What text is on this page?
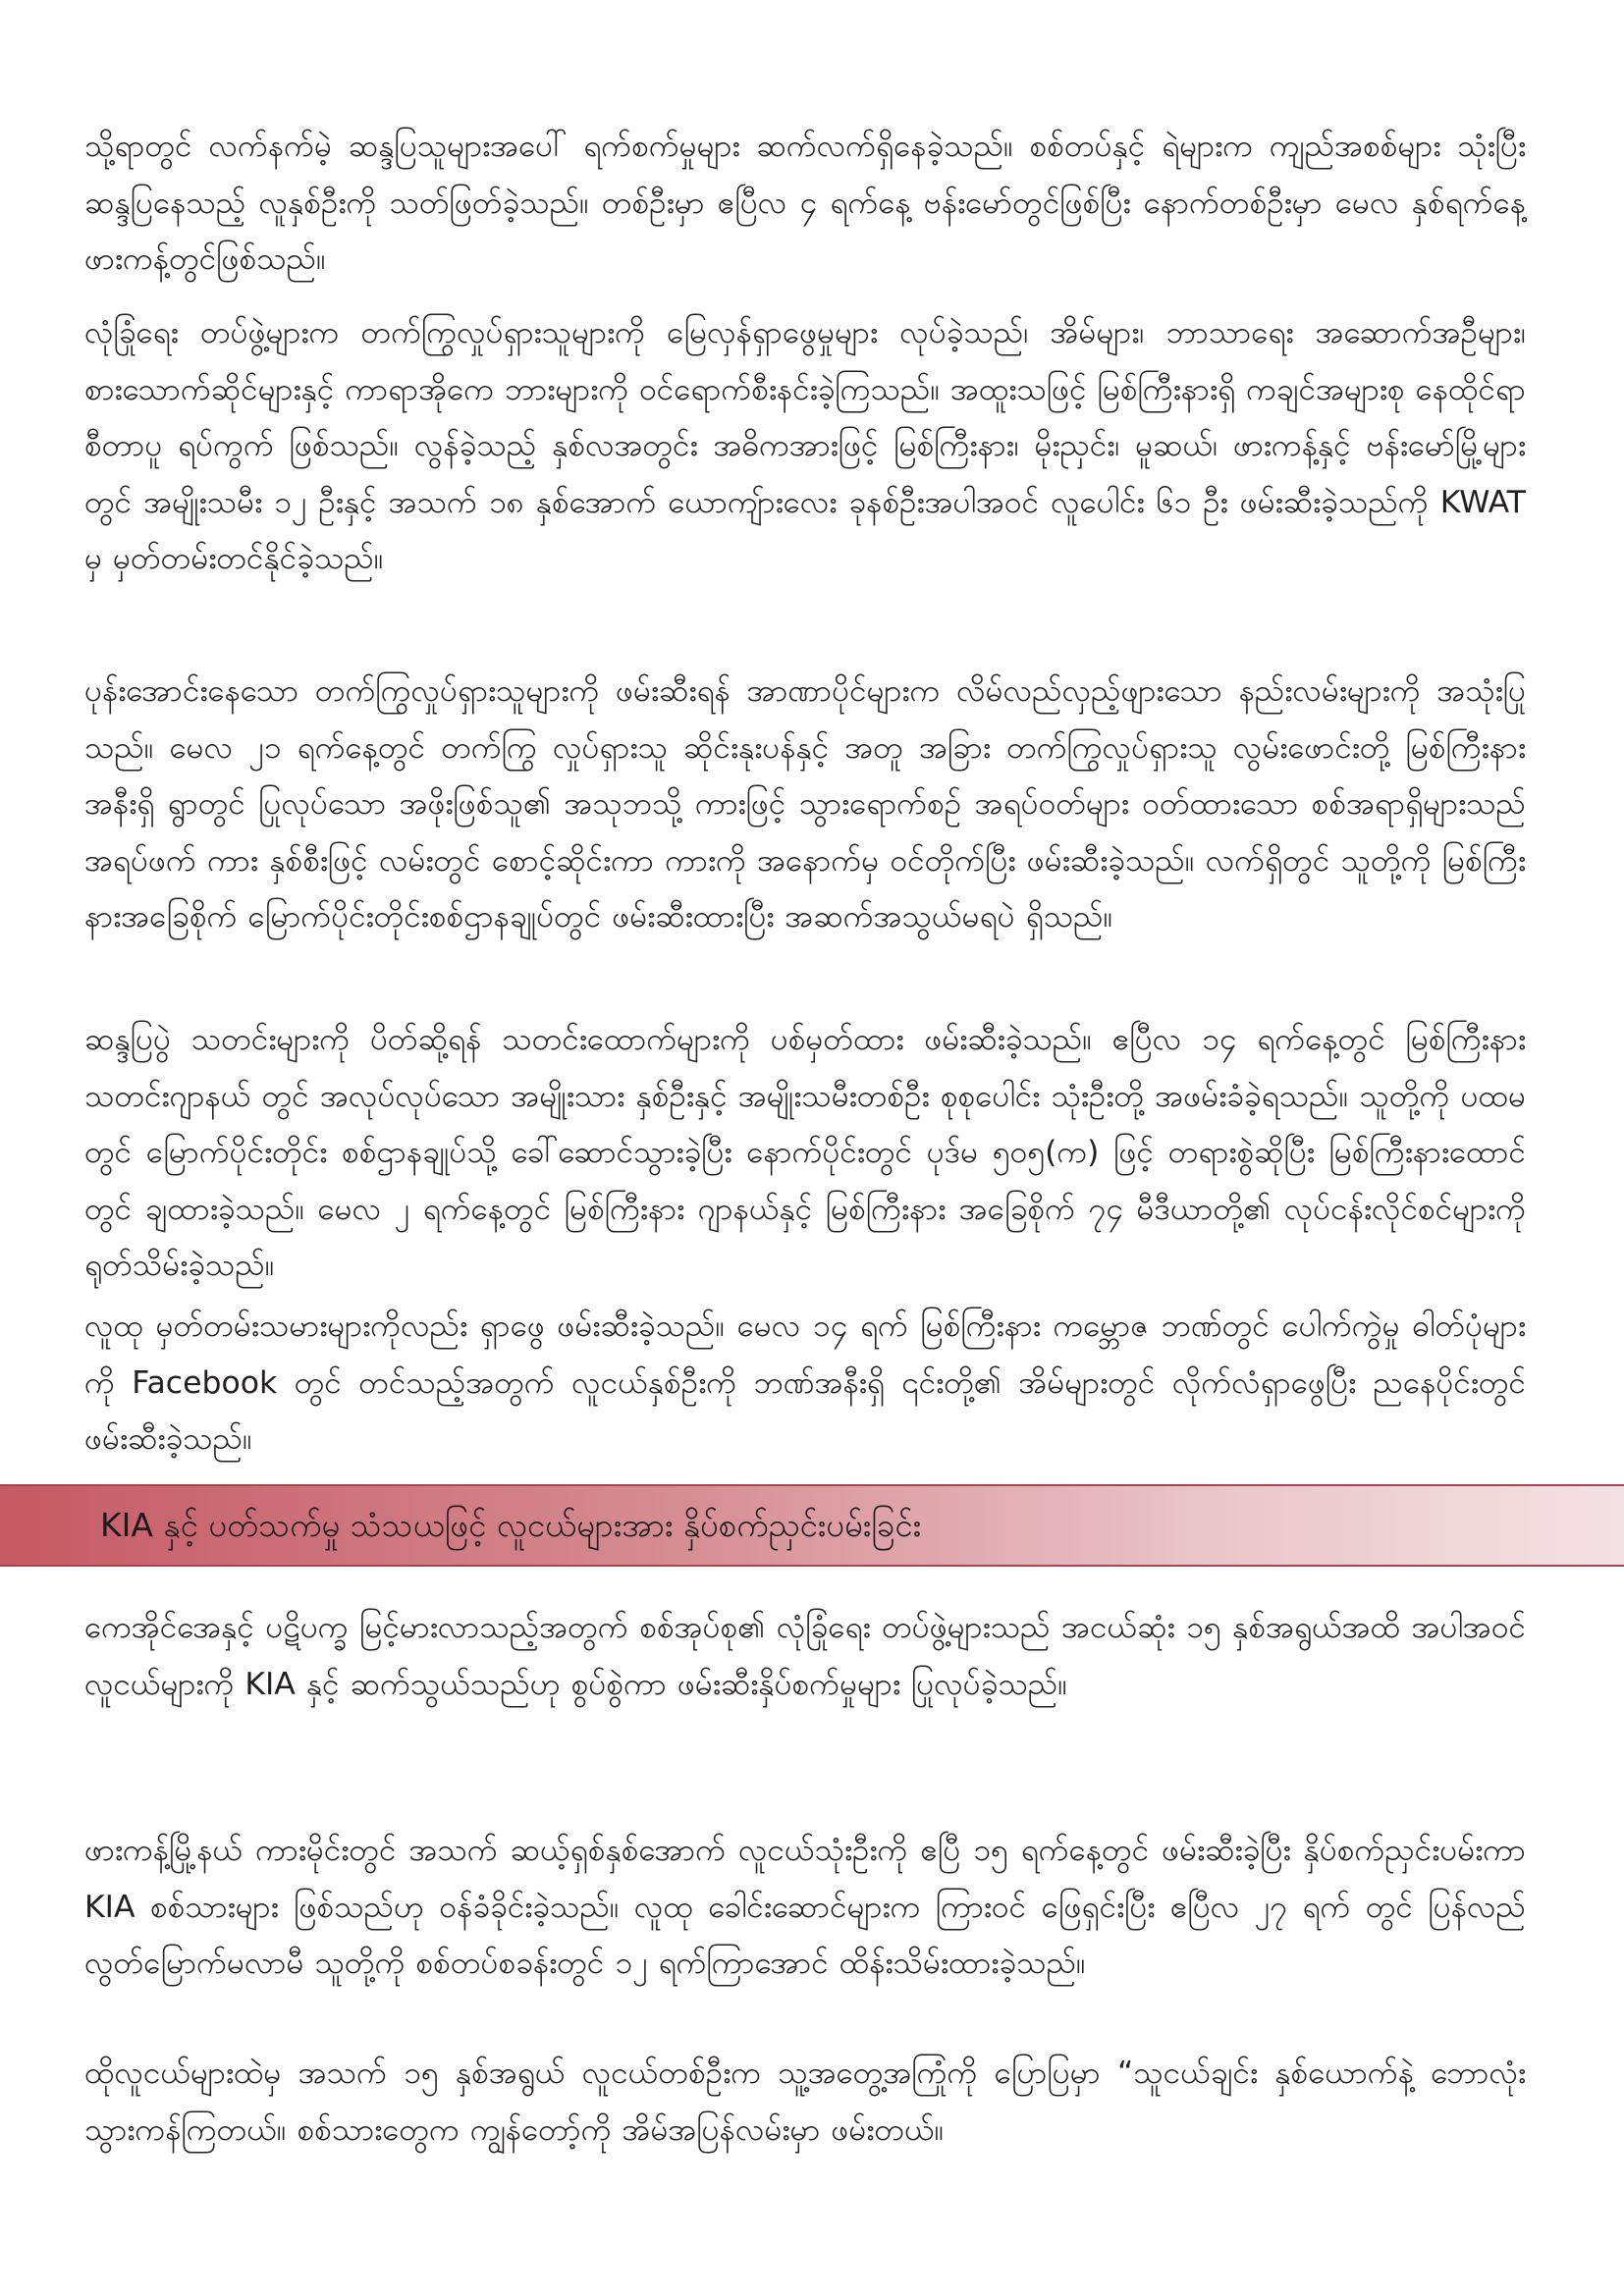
သို့ရာတွင် လက်နက်မဲ့ ဆန္ဒပြသူများအပေါ် ရက်စက်မှုများ ဆက်လက်ရှိနေခဲ့သည်။ စစ်တပ်နှင့် ရဲများက ကျည်အစစ်များ သုံးပြီး ဆန္ဒပြနေသည့် လူနှစ်ဦးကို သတ်ဖြတ်ခဲ့သည်။ တစ်ဦးမှာ ဧပြီလ ၄ ရက်နေ့ ဗန်းမော်တွင်ဖြစ်ပြီး နောက်တစ်ဦးမှာ မေလ နှစ်ရက်နေ့ ဖားကန့်တွင်ဖြစ်သည်။

လုံခြုံရေး တပ်ဖွဲ့များက တက်ကြွလှုပ်ရှားသူများကို မြေလှန်ရှာဖွေမှုများ လုပ်ခဲ့သည်၊ အိမ်များ၊ ဘာသာရေး အဆောက်အဦများ၊ စားသောက်ဆိုင်များနှင့် ကာရာအိုကေ ဘားများကို ဝင်ရောက်စီးနင်းခဲ့ကြသည်။ အထူးသဖြင့် မြစ်ကြီးနားရှိ ကချင်အများစု နေထိုင်ရာ စီတာပူ ရပ်ကွက် ဖြစ်သည်။ လွန်ခဲ့သည့် နှစ်လအတွင်း အဓိကအားဖြင့် မြစ်ကြီးနား၊ မိုးညှင်း၊ မူဆယ်၊ ဖားကန့်နှင့် ဗန်းမော်မြို့များတွင် အမျိုးသမီး ၁၂ ဦးနှင့် အသက် ၁၈ နှစ်အောက် ယောကျ်ားလေး ခုနစ်ဦးအပါအဝင် လူပေါင်း ၆၁ ဦး ဖမ်းဆီးခဲ့သည်ကို KWAT မှ မှတ်တမ်းတင်နိုင်ခဲ့သည်။

ပုန်းအောင်းနေသော တက်ကြွလှုပ်ရှားသူများကို ဖမ်းဆီးရန် အာဏာပိုင်များက လိမ်လည်လှည့်ဖျားသော နည်းလမ်းများကို အသုံးပြုသည်။ မေလ ၂၁ ရက်နေ့တွင် တက်ကြွ လှုပ်ရှားသူ ဆိုင်းနုးပန်နှင့် အတူ အခြား တက်ကြွလှုပ်ရှားသူ လွမ်းဖောင်းတို့ မြစ်ကြီးနား အနီးရှိ ရွာတွင် ပြုလုပ်သော အဖိုးဖြစ်သူ၏ အသုဘသို့ ကားဖြင့် သွားရောက်စဉ် အရပ်ဝတ်များ ဝတ်ထားသော စစ်အရာရှိများသည် အရပ်ဖက် ကား နှစ်စီးဖြင့် လမ်းတွင် စောင့်ဆိုင်းကာ ကားကို အနောက်မှ ဝင်တိုက်ပြီး ဖမ်းဆီးခဲ့သည်။ လက်ရှိတွင် သူတို့ကို မြစ်ကြီးနားအခြေစိုက် မြောက်ပိုင်းတိုင်းစစ်ဌာနချုပ်တွင် ဖမ်းဆီးထားပြီး အဆက်အသွယ်မရပဲ ရှိသည်။

ဆန္ဒပြပွဲ သတင်းများကို ပိတ်ဆို့ရန် သတင်းထောက်များကို ပစ်မှတ်ထား ဖမ်းဆီးခဲ့သည်။ ဧပြီလ ၁၄ ရက်နေ့တွင် မြစ်ကြီးနား သတင်းဂျာနယ် တွင် အလုပ်လုပ်သော အမျိုးသား နှစ်ဦးနှင့် အမျိုးသမီးတစ်ဦး စုစုပေါင်း သုံးဦးတို့ အဖမ်းခံခဲ့ရသည်။ သူတို့ကို ပထမတွင် မြောက်ပိုင်းတိုင်း စစ်ဌာနချုပ်သို့ ခေါ်ဆောင်သွားခဲ့ပြီး နောက်ပိုင်းတွင် ပုဒ်မ ၅၀၅(က) ဖြင့် တရားစွဲဆိုပြီး မြစ်ကြီးနားထောင်တွင် ချထားခဲ့သည်။ မေလ ၂ ရက်နေ့တွင် မြစ်ကြီးနား ဂျာနယ်နှင့် မြစ်ကြီးနား အခြေစိုက် ၇၄ မီဒီယာတို့၏ လုပ်ငန်းလိုင်စင်များကို ရုတ်သိမ်းခဲ့သည်။

လူထု မှတ်တမ်းသမားများကိုလည်း ရှာဖွေ ဖမ်းဆီးခဲ့သည်။ မေလ ၁၄ ရက် မြစ်ကြီးနား ကမ္ဘောဇ ဘဏ်တွင် ပေါက်ကွဲမှု ဓါတ်ပုံများကို Facebook တွင် တင်သည့်အတွက် လူငယ်နှစ်ဦးကို ဘဏ်အနီးရှိ ၎င်းတို့၏ အိမ်များတွင် လိုက်လံရှာဖွေပြီး ညနေပိုင်းတွင် ဖမ်းဆီးခဲ့သည်။

KIA နှင့် ပတ်သက်မှု သံသယဖြင့် လူငယ်များအား နှိပ်စက်ညှင်းပမ်းခြင်း

ကေအိုင်အေနှင့် ပဋိပက္ခ မြင့်မားလာသည့်အတွက် စစ်အုပ်စု၏ လုံခြုံရေး တပ်ဖွဲ့များသည် အငယ်ဆုံး ၁၅ နှစ်အရွယ်အထိ အပါအဝင် လူငယ်များကို KIA နှင့် ဆက်သွယ်သည်ဟု စွပ်စွဲကာ ဖမ်းဆီးနှိပ်စက်မှုများ ပြုလုပ်ခဲ့သည်။

ဖားကန့်မြို့နယ် ကားမိုင်းတွင် အသက် ဆယ့်ရှစ်နှစ်အောက် လူငယ်သုံးဦးကို ဧပြီ ၁၅ ရက်နေ့တွင် ဖမ်းဆီးခဲ့ပြီး နှိပ်စက်ညှင်းပမ်းကာ KIA စစ်သားများ ဖြစ်သည်ဟု ဝန်ခံခိုင်းခဲ့သည်။ လူထု ခေါင်းဆောင်များက ကြားဝင် ဖြေရှင်းပြီး ဧပြီလ ၂၇ ရက် တွင် ပြန်လည်လွတ်မြောက်မလာမီ သူတို့ကို စစ်တပ်စခန်းတွင် ၁၂ ရက်ကြာအောင် ထိန်းသိမ်းထားခဲ့သည်။

ထိုလူငယ်များထဲမှ အသက် ၁၅ နှစ်အရွယ် လူငယ်တစ်ဦးက သူ့အတွေ့အကြုံကို ပြောပြမှာ “သူငယ်ချင်း နှစ်ယောက်နဲ့ ဘောလုံး သွားကန်ကြတယ်။ စစ်သားတွေက ကျွန်တော့်ကို အိမ်အပြန်လမ်းမှာ ဖမ်းတယ်။
